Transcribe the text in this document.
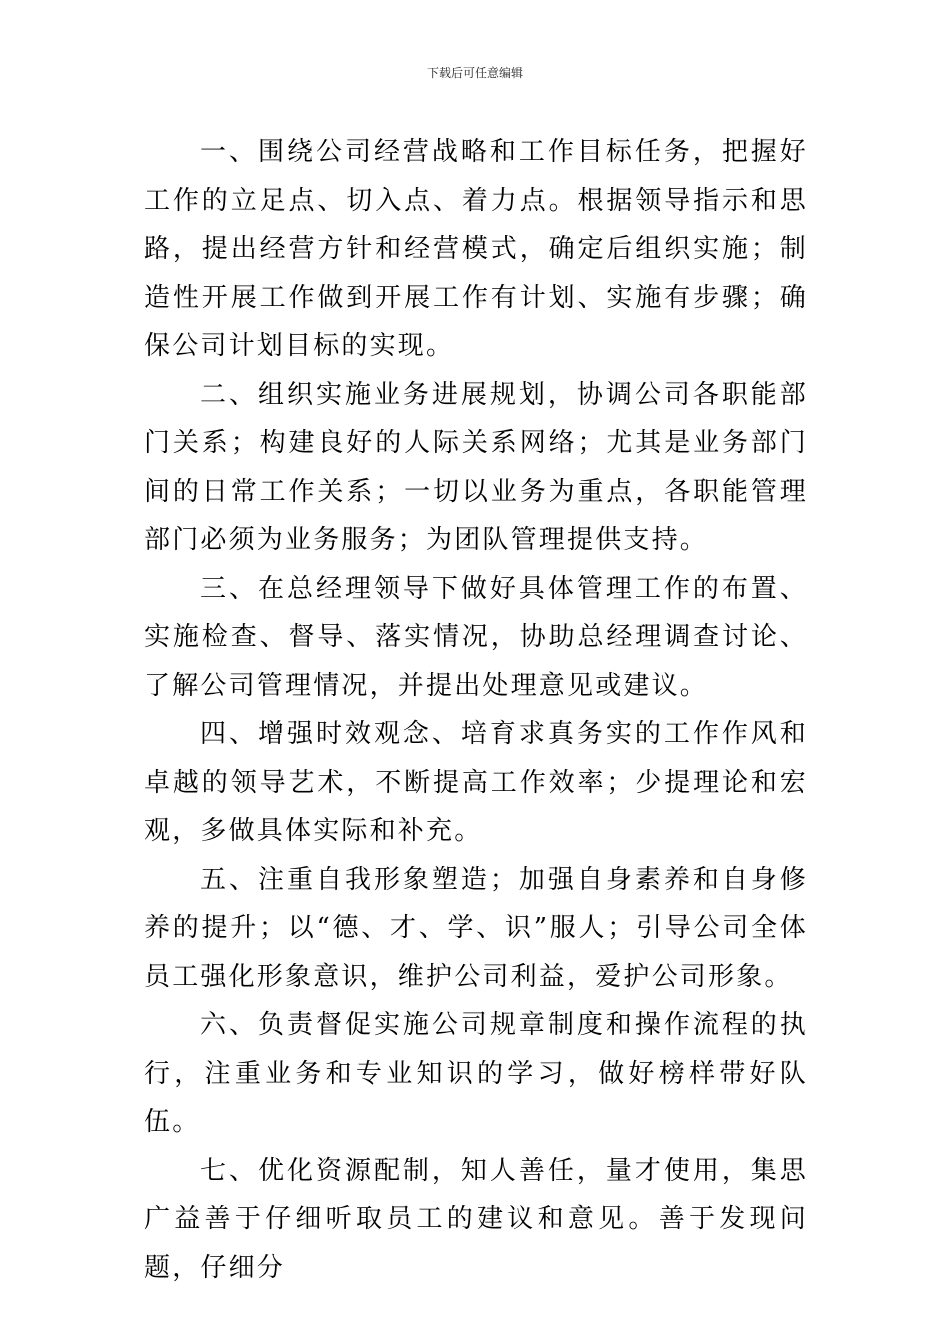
下载后可任意编辑

一、围绕公司经营战略和工作目标任务，把握好工作的立足点、切入点、着力点。根据领导指示和思路，提出经营方针和经营模式，确定后组织实施；制造性开展工作做到开展工作有计划、实施有步骤；确保公司计划目标的实现。

二、组织实施业务进展规划，协调公司各职能部门关系；构建良好的人际关系网络；尤其是业务部门间的日常工作关系；一切以业务为重点，各职能管理部门必须为业务服务；为团队管理提供支持。

三、在总经理领导下做好具体管理工作的布置、实施检查、督导、落实情况，协助总经理调查讨论、了解公司管理情况，并提出处理意见或建议。

四、增强时效观念、培育求真务实的工作作风和卓越的领导艺术，不断提高工作效率；少提理论和宏观，多做具体实际和补充。

五、注重自我形象塑造；加强自身素养和自身修养的提升；以“德、才、学、识”服人；引导公司全体员工强化形象意识，维护公司利益，爱护公司形象。

六、负责督促实施公司规章制度和操作流程的执行，注重业务和专业知识的学习，做好榜样带好队伍。

七、优化资源配制，知人善任，量才使用，集思广益善于仔细听取员工的建议和意见。善于发现问题，仔细分
